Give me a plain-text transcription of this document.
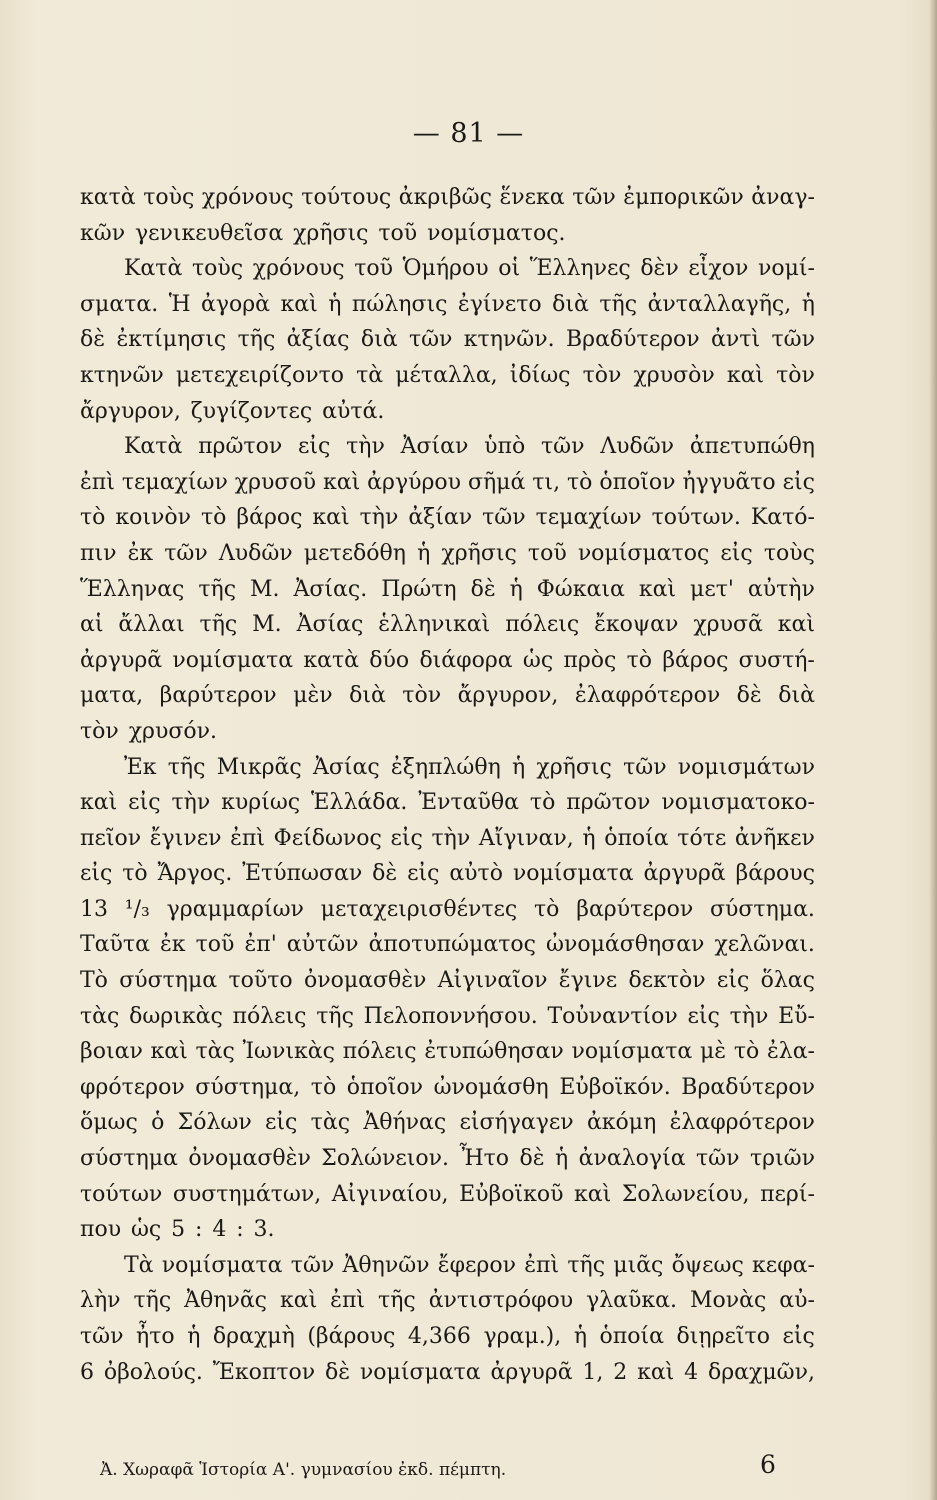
— 81 —
κατὰ τοὺς χρόνους τούτους ἀκριβῶς ἕνεκα τῶν ἐμπορικῶν ἀναγ-
κῶν γενικευθεῖσα χρῆσις τοῦ νομίσματος.
Κατὰ τοὺς χρόνους τοῦ Ὁμήρου οἱ Ἕλληνες δὲν εἶχον νομί-
σματα. Ἡ ἀγορὰ καὶ ἡ πώλησις ἐγίνετο διὰ τῆς ἀνταλλαγῆς, ἡ
δὲ ἐκτίμησις τῆς ἀξίας διὰ τῶν κτηνῶν. Βραδύτερον ἀντὶ τῶν
κτηνῶν μετεχειρίζοντο τὰ μέταλλα, ἰδίως τὸν χρυσὸν καὶ τὸν
ἄργυρον, ζυγίζοντες αὐτά.
Κατὰ πρῶτον εἰς τὴν Ἀσίαν ὑπὸ τῶν Λυδῶν ἀπετυπώθη
ἐπὶ τεμαχίων χρυσοῦ καὶ ἀργύρου σῆμά τι, τὸ ὁποῖον ἠγγυᾶτο εἰς
τὸ κοινὸν τὸ βάρος καὶ τὴν ἀξίαν τῶν τεμαχίων τούτων. Κατό-
πιν ἐκ τῶν Λυδῶν μετεδόθη ἡ χρῆσις τοῦ νομίσματος εἰς τοὺς
Ἕλληνας τῆς Μ. Ἀσίας. Πρώτη δὲ ἡ Φώκαια καὶ μετ' αὐτὴν
αἱ ἄλλαι τῆς Μ. Ἀσίας ἑλληνικαὶ πόλεις ἔκοψαν χρυσᾶ καὶ
ἀργυρᾶ νομίσματα κατὰ δύο διάφορα ὡς πρὸς τὸ βάρος συστή-
ματα, βαρύτερον μὲν διὰ τὸν ἄργυρον, ἐλαφρότερον δὲ διὰ
τὸν χρυσόν.
Ἐκ τῆς Μικρᾶς Ἀσίας ἐξηπλώθη ἡ χρῆσις τῶν νομισμάτων
καὶ εἰς τὴν κυρίως Ἑλλάδα. Ἐνταῦθα τὸ πρῶτον νομισματοκο-
πεῖον ἔγινεν ἐπὶ Φείδωνος εἰς τὴν Αἴγιναν, ἡ ὁποία τότε ἀνῆκεν
εἰς τὸ Ἄργος. Ἐτύπωσαν δὲ εἰς αὐτὸ νομίσματα ἀργυρᾶ βάρους
13 ¹/₃ γραμμαρίων μεταχειρισθέντες τὸ βαρύτερον σύστημα.
Ταῦτα ἐκ τοῦ ἐπ' αὐτῶν ἀποτυπώματος ὠνομάσθησαν χελῶναι.
Τὸ σύστημα τοῦτο ὀνομασθὲν Αἰγιναῖον ἔγινε δεκτὸν εἰς ὅλας
τὰς δωρικὰς πόλεις τῆς Πελοποννήσου. Τοὐναντίον εἰς τὴν Εὔ-
βοιαν καὶ τὰς Ἰωνικὰς πόλεις ἐτυπώθησαν νομίσματα μὲ τὸ ἐλα-
φρότερον σύστημα, τὸ ὁποῖον ὠνομάσθη Εὐβοϊκόν. Βραδύτερον
ὅμως ὁ Σόλων εἰς τὰς Ἀθήνας εἰσήγαγεν ἀκόμη ἐλαφρότερον
σύστημα ὀνομασθὲν Σολώνειον. Ἦτο δὲ ἡ ἀναλογία τῶν τριῶν
τούτων συστημάτων, Αἰγιναίου, Εὐβοϊκοῦ καὶ Σολωνείου, περί-
που ὡς 5 : 4 : 3.
Τὰ νομίσματα τῶν Ἀθηνῶν ἔφερον ἐπὶ τῆς μιᾶς ὄψεως κεφα-
λὴν τῆς Ἀθηνᾶς καὶ ἐπὶ τῆς ἀντιστρόφου γλαῦκα. Μονὰς αὐ-
τῶν ἦτο ἡ δραχμὴ (βάρους 4,366 γραμ.), ἡ ὁποία διῃρεῖτο εἰς
6 ὀβολούς. Ἔκοπτον δὲ νομίσματα ἀργυρᾶ 1, 2 καὶ 4 δραχμῶν,
Ἀ. Χωραφᾶ Ἱστορία Α'. γυμνασίου ἐκδ. πέμπτη.	6
